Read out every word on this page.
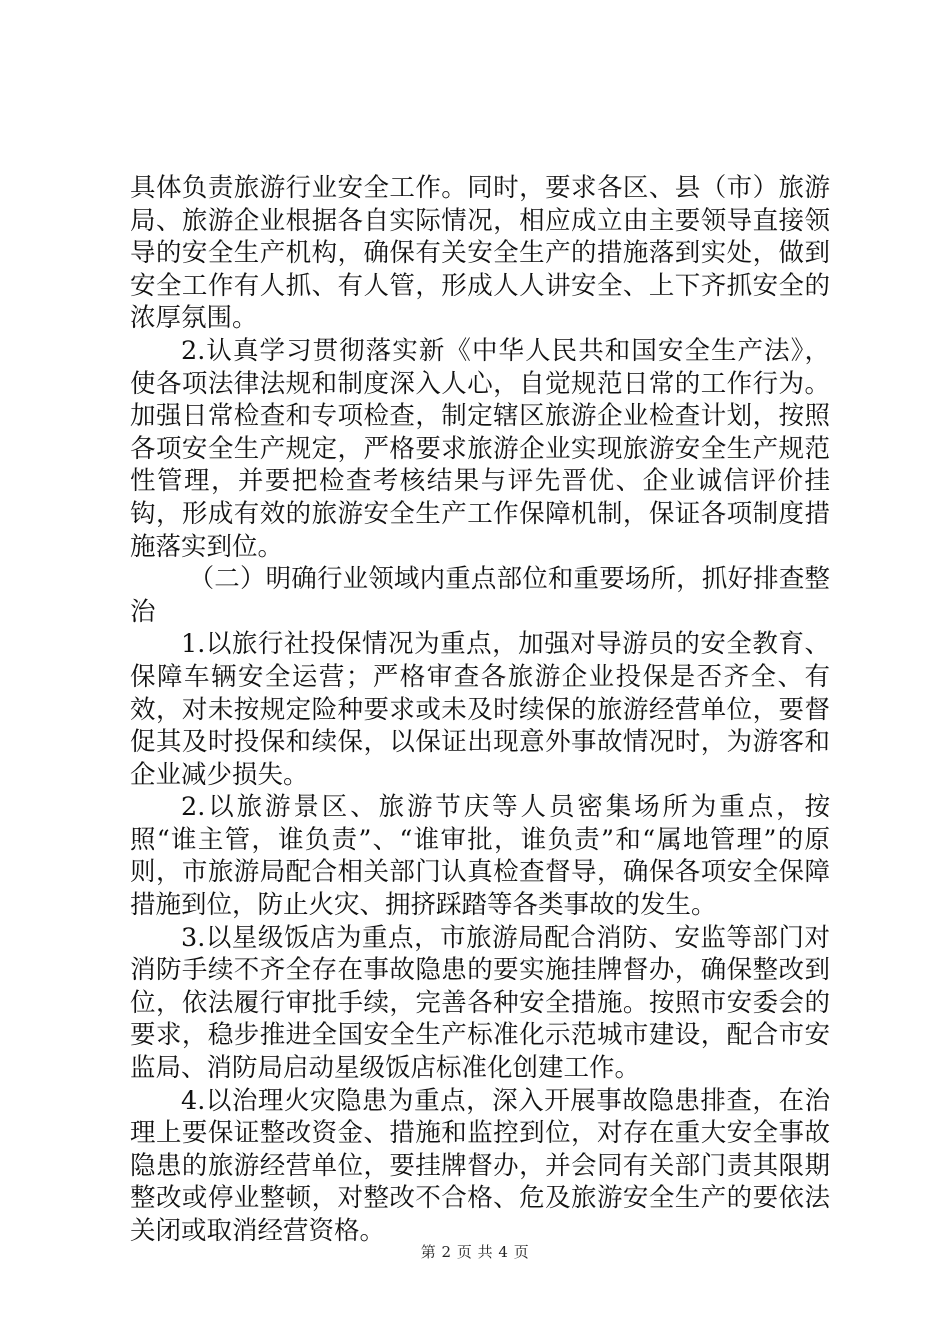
具体负责旅游行业安全工作。同时，要求各区、县（市）旅游局、旅游企业根据各自实际情况，相应成立由主要领导直接领导的安全生产机构，确保有关安全生产的措施落到实处，做到安全工作有人抓、有人管，形成人人讲安全、上下齐抓安全的浓厚氛围。

2.认真学习贯彻落实新《中华人民共和国安全生产法》，使各项法律法规和制度深入人心，自觉规范日常的工作行为。加强日常检查和专项检查，制定辖区旅游企业检查计划，按照各项安全生产规定，严格要求旅游企业实现旅游安全生产规范性管理，并要把检查考核结果与评先晋优、企业诚信评价挂钩，形成有效的旅游安全生产工作保障机制，保证各项制度措施落实到位。

（二）明确行业领域内重点部位和重要场所，抓好排查整治

1.以旅行社投保情况为重点，加强对导游员的安全教育、保障车辆安全运营；严格审查各旅游企业投保是否齐全、有效，对未按规定险种要求或未及时续保的旅游经营单位，要督促其及时投保和续保，以保证出现意外事故情况时，为游客和企业减少损失。

2.以旅游景区、旅游节庆等人员密集场所为重点，按照“谁主管，谁负责”、“谁审批，谁负责”和“属地管理”的原则，市旅游局配合相关部门认真检查督导，确保各项安全保障措施到位，防止火灾、拥挤踩踏等各类事故的发生。

3.以星级饭店为重点，市旅游局配合消防、安监等部门对消防手续不齐全存在事故隐患的要实施挂牌督办，确保整改到位，依法履行审批手续，完善各种安全措施。按照市安委会的要求，稳步推进全国安全生产标准化示范城市建设，配合市安监局、消防局启动星级饭店标准化创建工作。

4.以治理火灾隐患为重点，深入开展事故隐患排查，在治理上要保证整改资金、措施和监控到位，对存在重大安全事故隐患的旅游经营单位，要挂牌督办，并会同有关部门责其限期整改或停业整顿，对整改不合格、危及旅游安全生产的要依法关闭或取消经营资格。

第 2 页 共 4 页
